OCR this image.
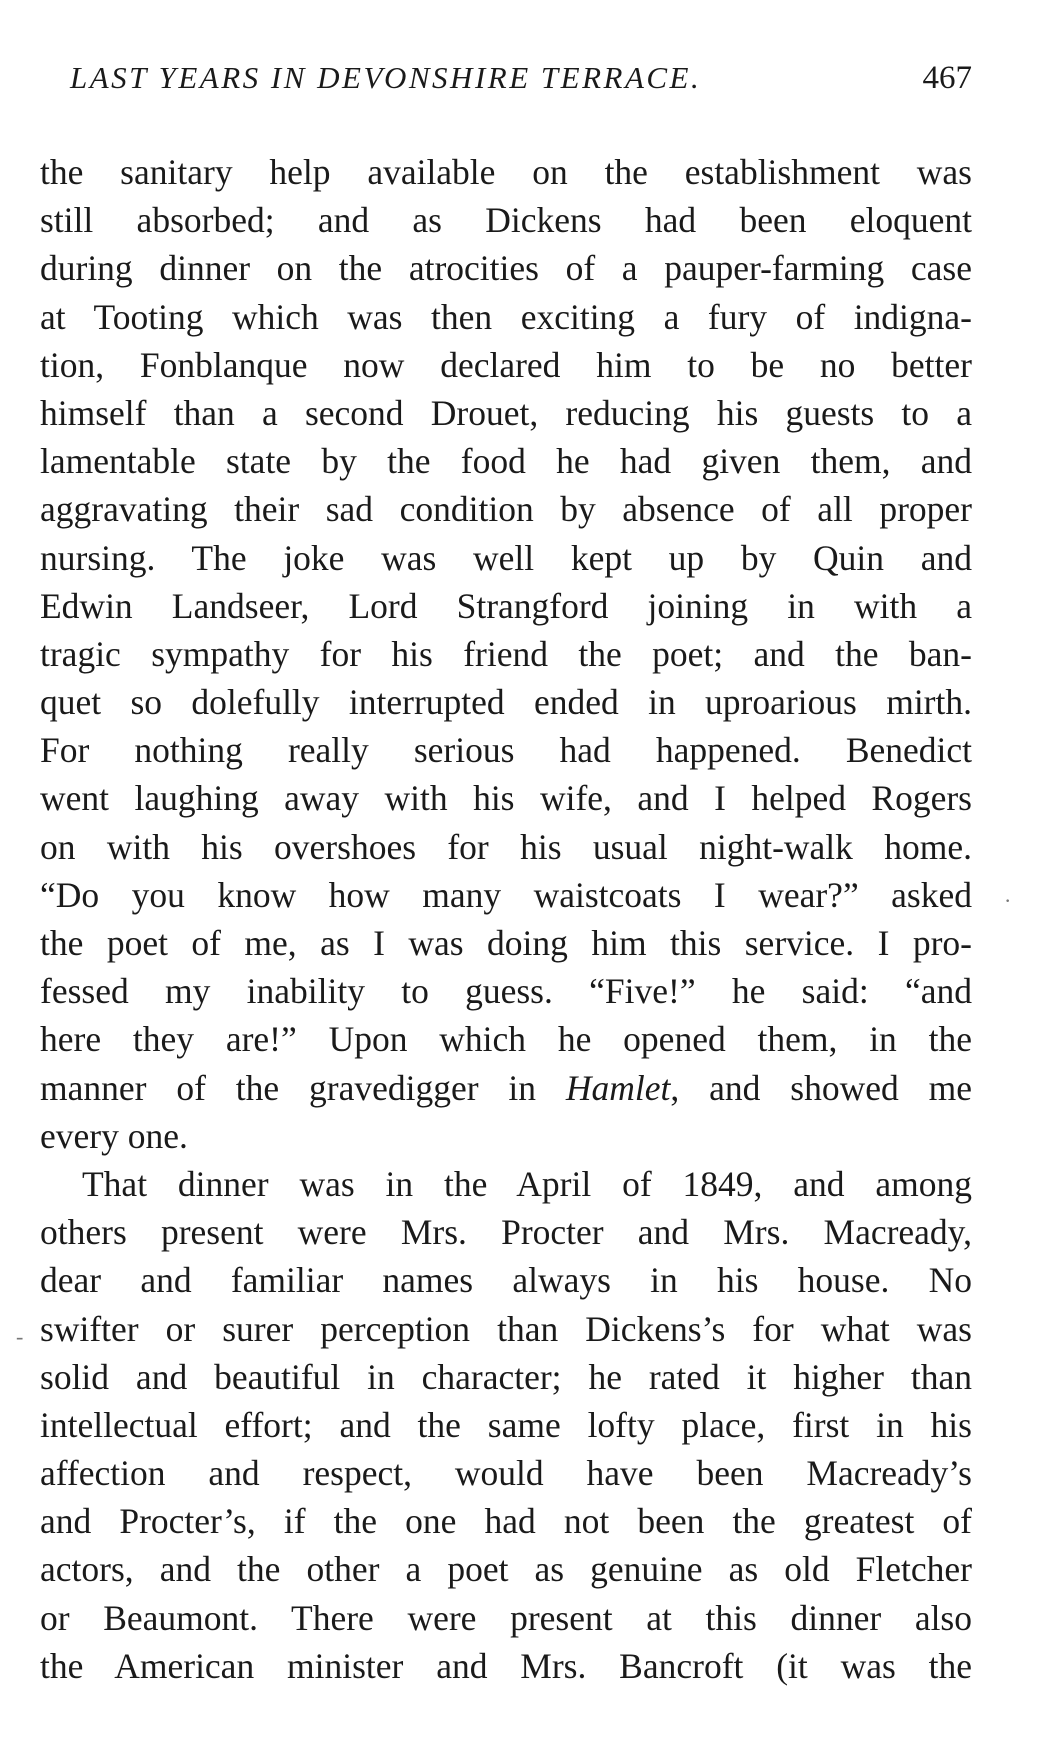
LAST YEARS IN DEVONSHIRE TERRACE.	467
the sanitary help available on the establishment was
still absorbed; and as Dickens had been eloquent
during dinner on the atrocities of a pauper-farming case
at Tooting which was then exciting a fury of indigna-
tion, Fonblanque now declared him to be no better
himself than a second Drouet, reducing his guests to a
lamentable state by the food he had given them, and
aggravating their sad condition by absence of all proper
nursing. The joke was well kept up by Quin and
Edwin Landseer, Lord Strangford joining in with a
tragic sympathy for his friend the poet; and the ban-
quet so dolefully interrupted ended in uproarious mirth.
For nothing really serious had happened. Benedict
went laughing away with his wife, and I helped Rogers
on with his overshoes for his usual night-walk home.
“Do you know how many waistcoats I wear?” asked
the poet of me, as I was doing him this service. I pro-
fessed my inability to guess. “Five!” he said: “and
here they are!” Upon which he opened them, in the
manner of the gravedigger in Hamlet, and showed me
every one.
That dinner was in the April of 1849, and among
others present were Mrs. Procter and Mrs. Macready,
dear and familiar names always in his house. No
swifter or surer perception than Dickens’s for what was
solid and beautiful in character; he rated it higher than
intellectual effort; and the same lofty place, first in his
affection and respect, would have been Macready’s
and Procter’s, if the one had not been the greatest of
actors, and the other a poet as genuine as old Fletcher
or Beaumont. There were present at this dinner also
the American minister and Mrs. Bancroft (it was the
·
-
